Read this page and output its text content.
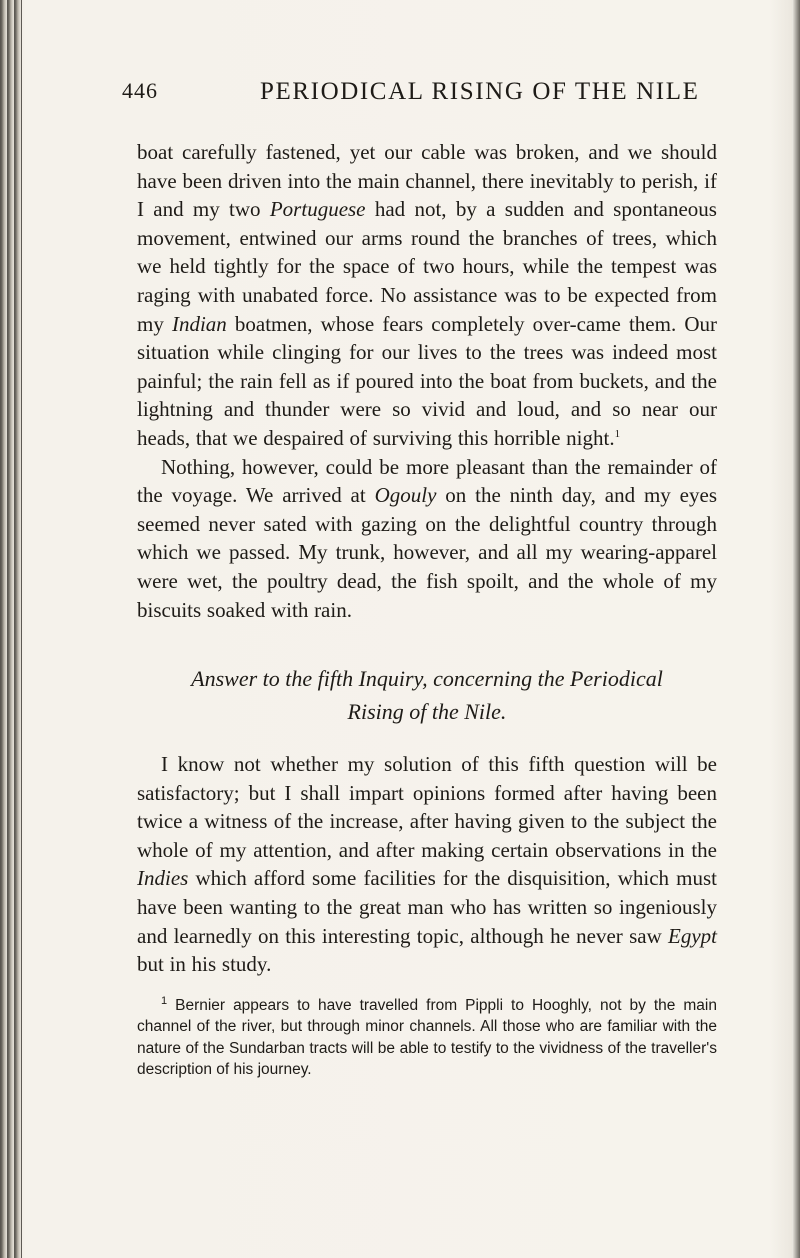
446	PERIODICAL RISING OF THE NILE

boat carefully fastened, yet our cable was broken, and we should have been driven into the main channel, there inevitably to perish, if I and my two Portuguese had not, by a sudden and spontaneous movement, entwined our arms round the branches of trees, which we held tightly for the space of two hours, while the tempest was raging with unabated force. No assistance was to be expected from my Indian boatmen, whose fears completely over-came them. Our situation while clinging for our lives to the trees was indeed most painful; the rain fell as if poured into the boat from buckets, and the lightning and thunder were so vivid and loud, and so near our heads, that we despaired of surviving this horrible night.$^1$

Nothing, however, could be more pleasant than the remainder of the voyage. We arrived at Ogouly on the ninth day, and my eyes seemed never sated with gazing on the delightful country through which we passed. My trunk, however, and all my wearing-apparel were wet, the poultry dead, the fish spoilt, and the whole of my biscuits soaked with rain.

Answer to the fifth Inquiry, concerning the Periodical
Rising of the Nile.

I know not whether my solution of this fifth question will be satisfactory; but I shall impart opinions formed after having been twice a witness of the increase, after having given to the subject the whole of my attention, and after making certain observations in the Indies which afford some facilities for the disquisition, which must have been wanting to the great man who has written so ingeniously and learnedly on this interesting topic, although he never saw Egypt but in his study.

$^1$ Bernier appears to have travelled from Pippli to Hooghly, not by the main channel of the river, but through minor channels. All those who are familiar with the nature of the Sundarban tracts will be able to testify to the vividness of the traveller's description of his journey.
